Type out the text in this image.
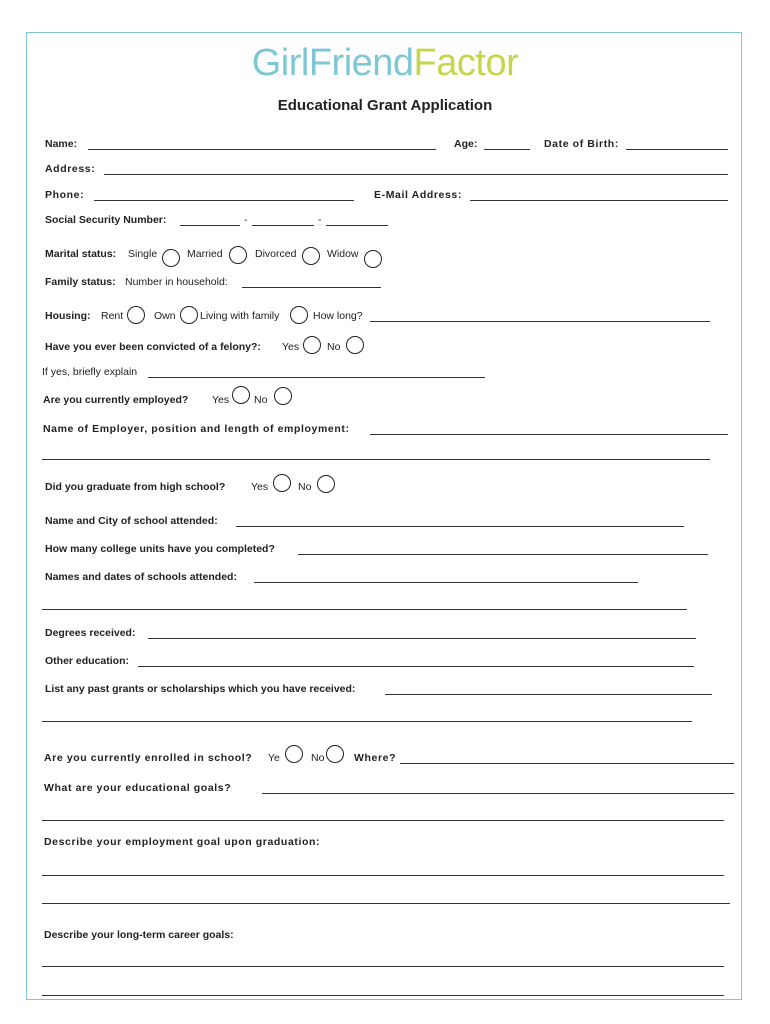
GirlFriendFactor
Educational Grant Application
Name:	Age:	Date of Birth:
Address:
Phone:	E-Mail Address:
Social Security Number:	-	-
Marital status: Single	Married	Divorced	Widow
Family status: Number in household:
Housing: Rent	Own Living with family	How long?
Have you ever been convicted of a felony?: Yes	No
If yes, briefly explain
Are you currently employed? Yes No
Name of Employer, position and length of employment:
Did you graduate from high school? Yes	No
Name and City of school attended:
How many college units have you completed?
Names and dates of schools attended:
Degrees received:
Other education:
List any past grants or scholarships which you have received:
Are you currently enrolled in school? Ye	No	Where?
What are your educational goals?
Describe your employment goal upon graduation:
Describe your long-term career goals:
